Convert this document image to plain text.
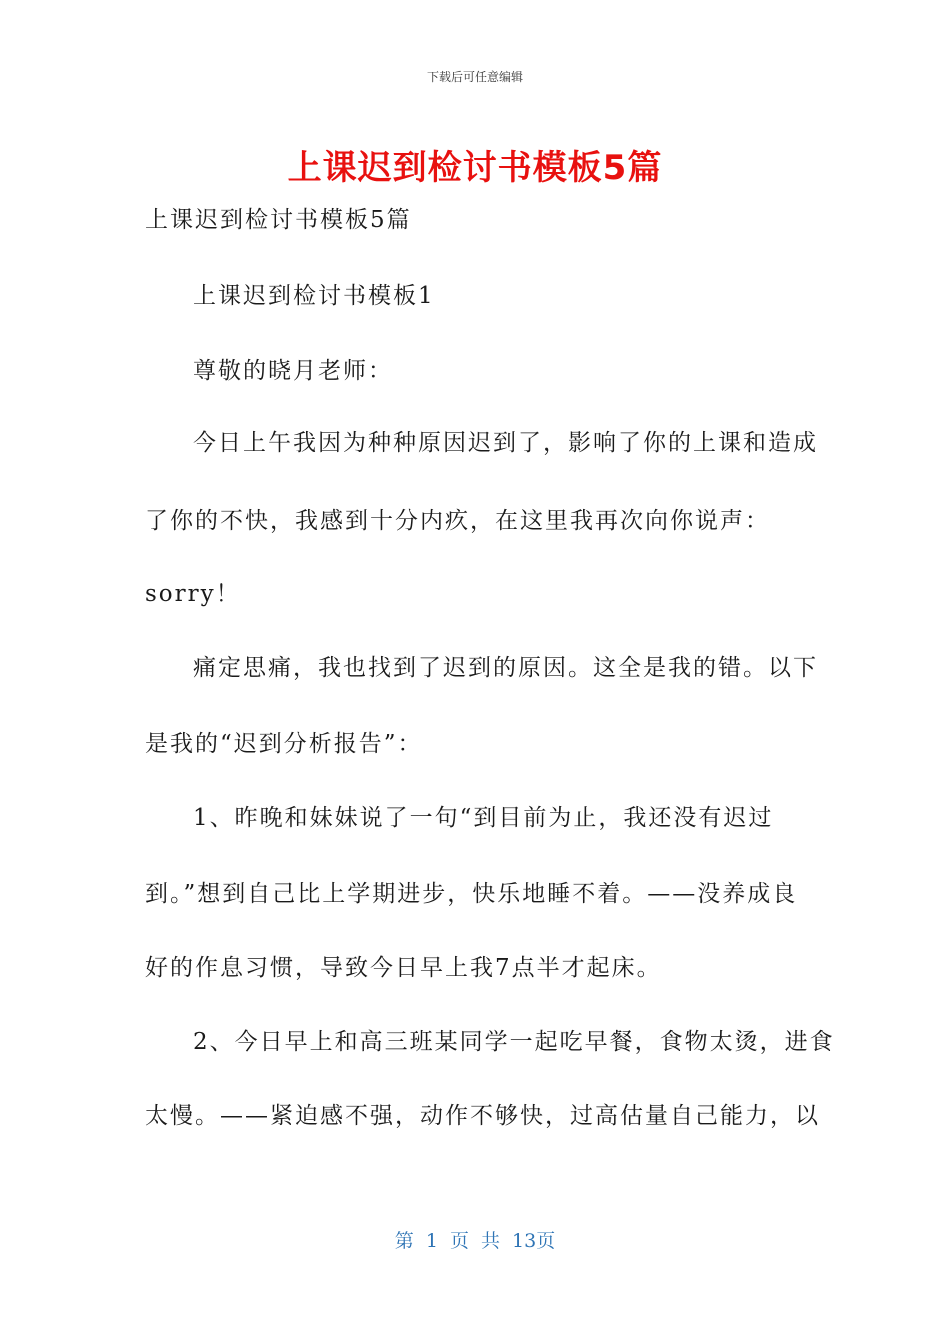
下载后可任意编辑
上课迟到检讨书模板5篇
上课迟到检讨书模板5篇
上课迟到检讨书模板1
尊敬的晓月老师：
今日上午我因为种种原因迟到了，影响了你的上课和造成
了你的不快，我感到十分内疚，在这里我再次向你说声：
sorry！
痛定思痛，我也找到了迟到的原因。这全是我的错。以下
是我的“迟到分析报告”：
1、昨晚和妹妹说了一句“到目前为止，我还没有迟过
到。”想到自己比上学期进步，快乐地睡不着。——没养成良
好的作息习惯，导致今日早上我7点半才起床。
2、今日早上和高三班某同学一起吃早餐，食物太烫，进食
太慢。——紧迫感不强，动作不够快，过高估量自己能力，以
第 1 页 共 13页
